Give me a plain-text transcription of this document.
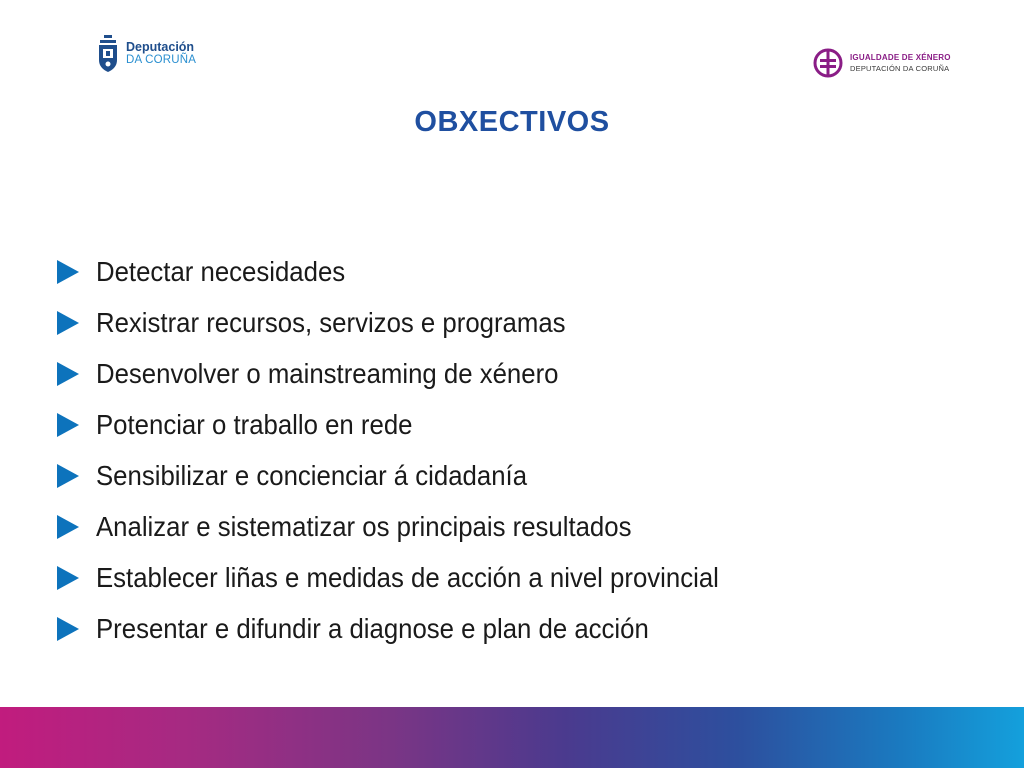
Deputación
DA CORUÑA	IGUALDADE DE XÉNERO
DEPUTACIÓN DA CORUÑA
OBXECTIVOS
Detectar necesidades
Rexistrar recursos, servizos e programas
Desenvolver o mainstreaming de xénero
Potenciar o traballo en rede
Sensibilizar e concienciar á cidadanía
Analizar e sistematizar os principais resultados
Establecer liñas e medidas de acción a nivel provincial
Presentar e difundir a diagnose e plan de acción
